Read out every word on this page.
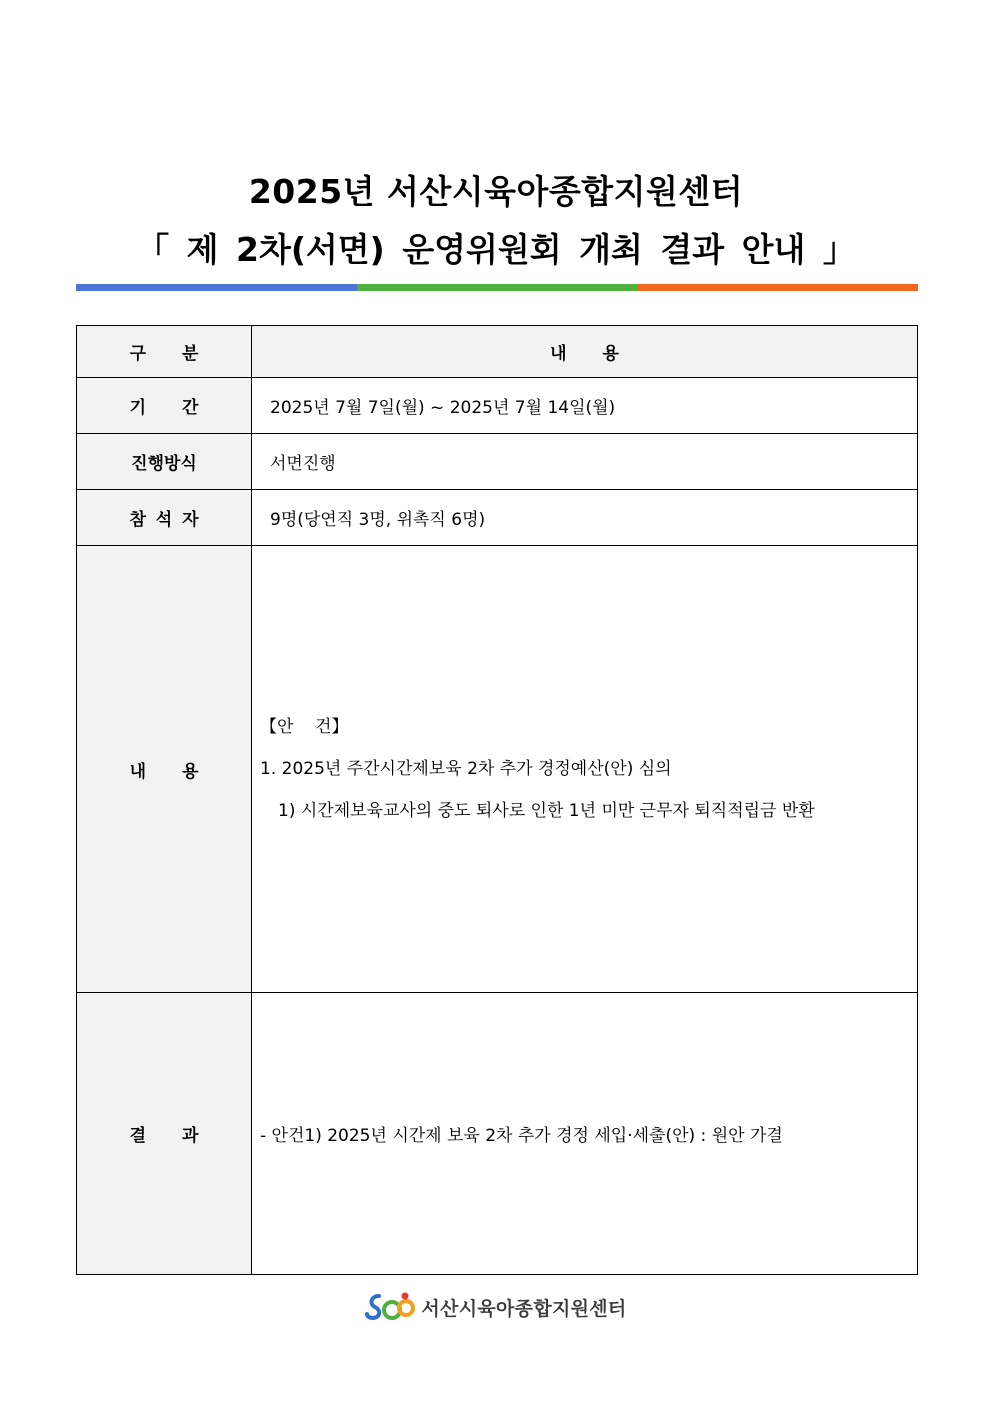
2025년 서산시육아종합지원센터
「 제 2차(서면) 운영위원회 개최 결과 안내 」
구 분	내 용
기 간	2025년 7월 7일(월) ~ 2025년 7월 14일(월)
진행방식	서면진행
참 석 자	9명(당연직 3명, 위촉직 6명)
내 용	【안    건】
1. 2025년 주간시간제보육 2차 추가 경정예산(안) 심의
1) 시간제보육교사의 중도 퇴사로 인한 1년 미만 근무자 퇴직적립금 반환

결 과	- 안건1) 2025년 시간제 보육 2차 추가 경정 세입·세출(안) : 원안 가결
서산시육아종합지원센터
